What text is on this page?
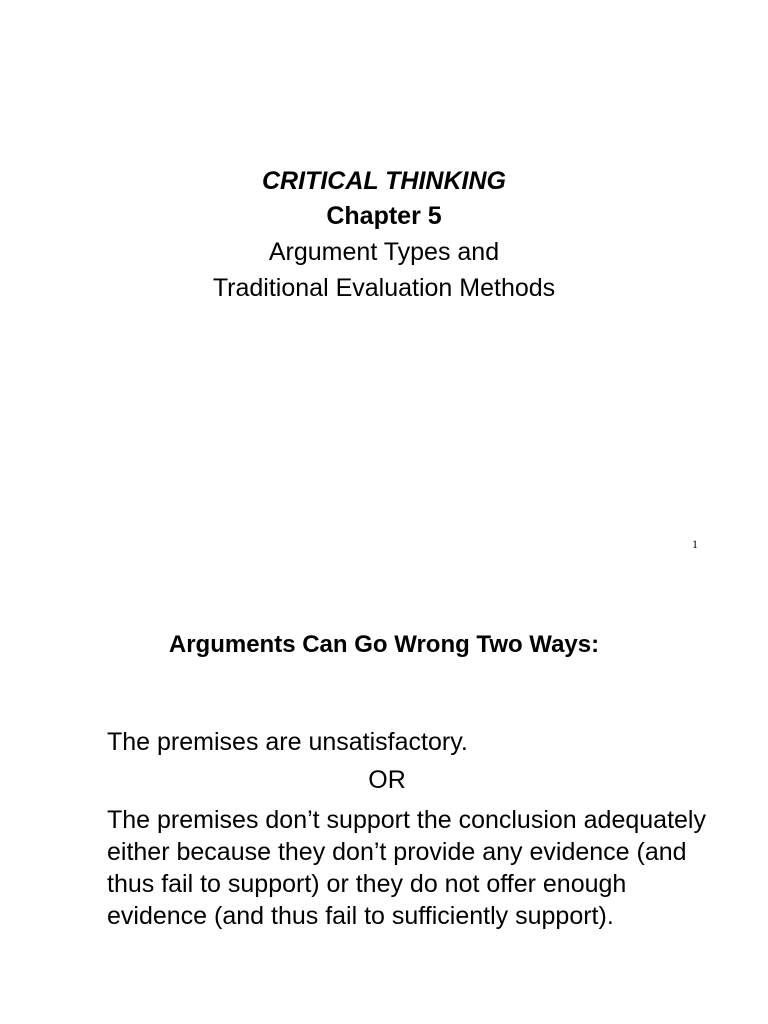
CRITICAL THINKING

Chapter 5

Argument Types and

Traditional Evaluation Methods

1
Arguments Can Go Wrong Two Ways:
The premises are unsatisfactory.
OR
The premises don’t support the conclusion adequately either because they don’t provide any evidence (and thus fail to support) or they do not offer enough evidence (and thus fail to sufficiently support).
